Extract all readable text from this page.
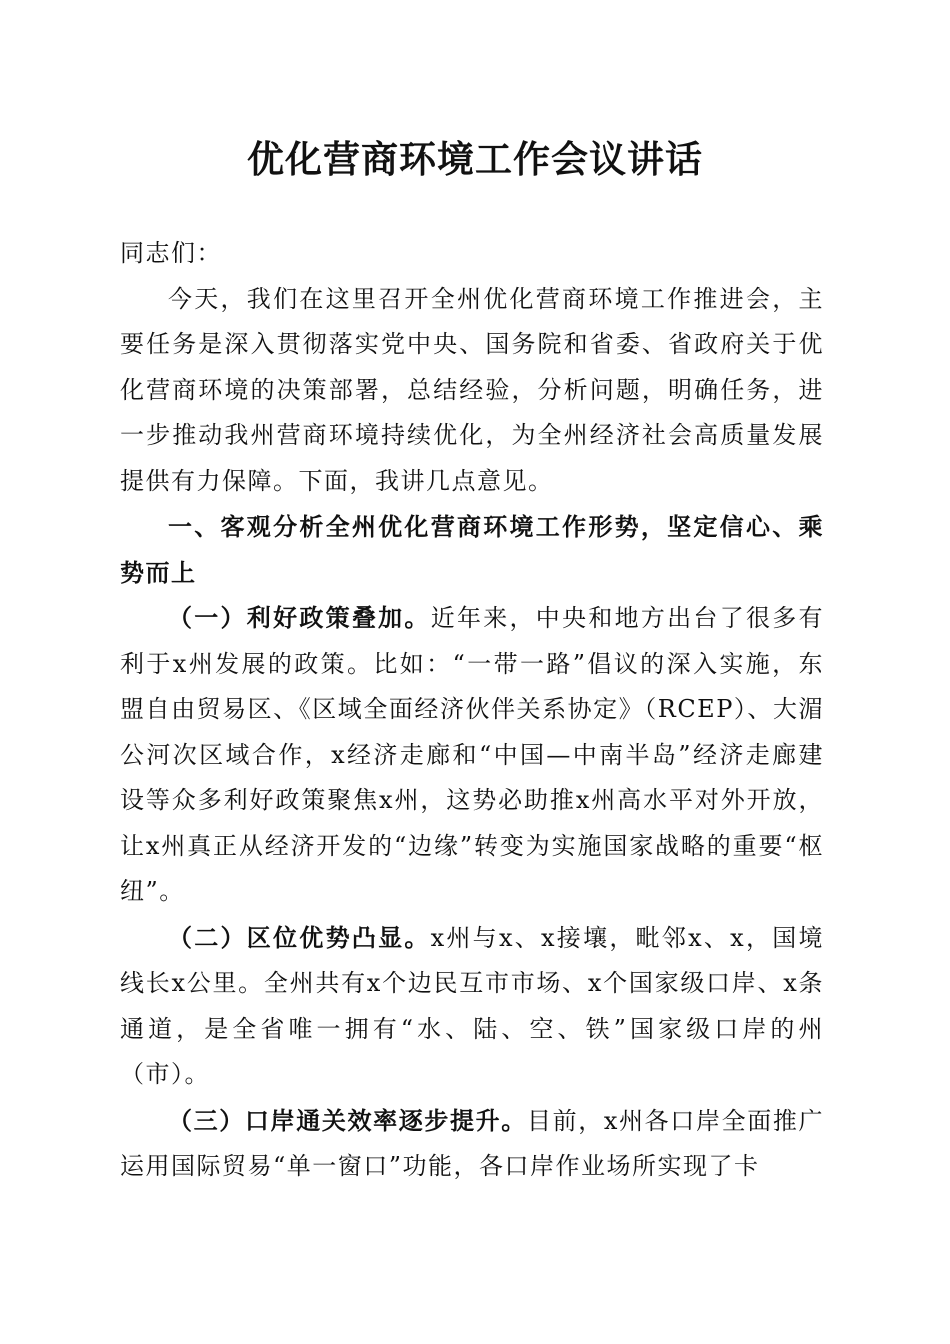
优化营商环境工作会议讲话

同志们：

今天，我们在这里召开全州优化营商环境工作推进会，主要任务是深入贯彻落实党中央、国务院和省委、省政府关于优化营商环境的决策部署，总结经验，分析问题，明确任务，进一步推动我州营商环境持续优化，为全州经济社会高质量发展提供有力保障。下面，我讲几点意见。

一、客观分析全州优化营商环境工作形势，坚定信心、乘势而上

（一）利好政策叠加。近年来，中央和地方出台了很多有利于x州发展的政策。比如：“一带一路”倡议的深入实施，东盟自由贸易区、《区域全面经济伙伴关系协定》（RCEP）、大湄公河次区域合作，x经济走廊和“中国—中南半岛”经济走廊建设等众多利好政策聚焦x州，这势必助推x州高水平对外开放，让x州真正从经济开发的“边缘”转变为实施国家战略的重要“枢纽”。

（二）区位优势凸显。x州与x、x接壤，毗邻x、x，国境线长x公里。全州共有x个边民互市市场、x个国家级口岸、x条通道，是全省唯一拥有“水、陆、空、铁”国家级口岸的州（市）。

（三）口岸通关效率逐步提升。目前，x州各口岸全面推广运用国际贸易“单一窗口”功能，各口岸作业场所实现了卡
